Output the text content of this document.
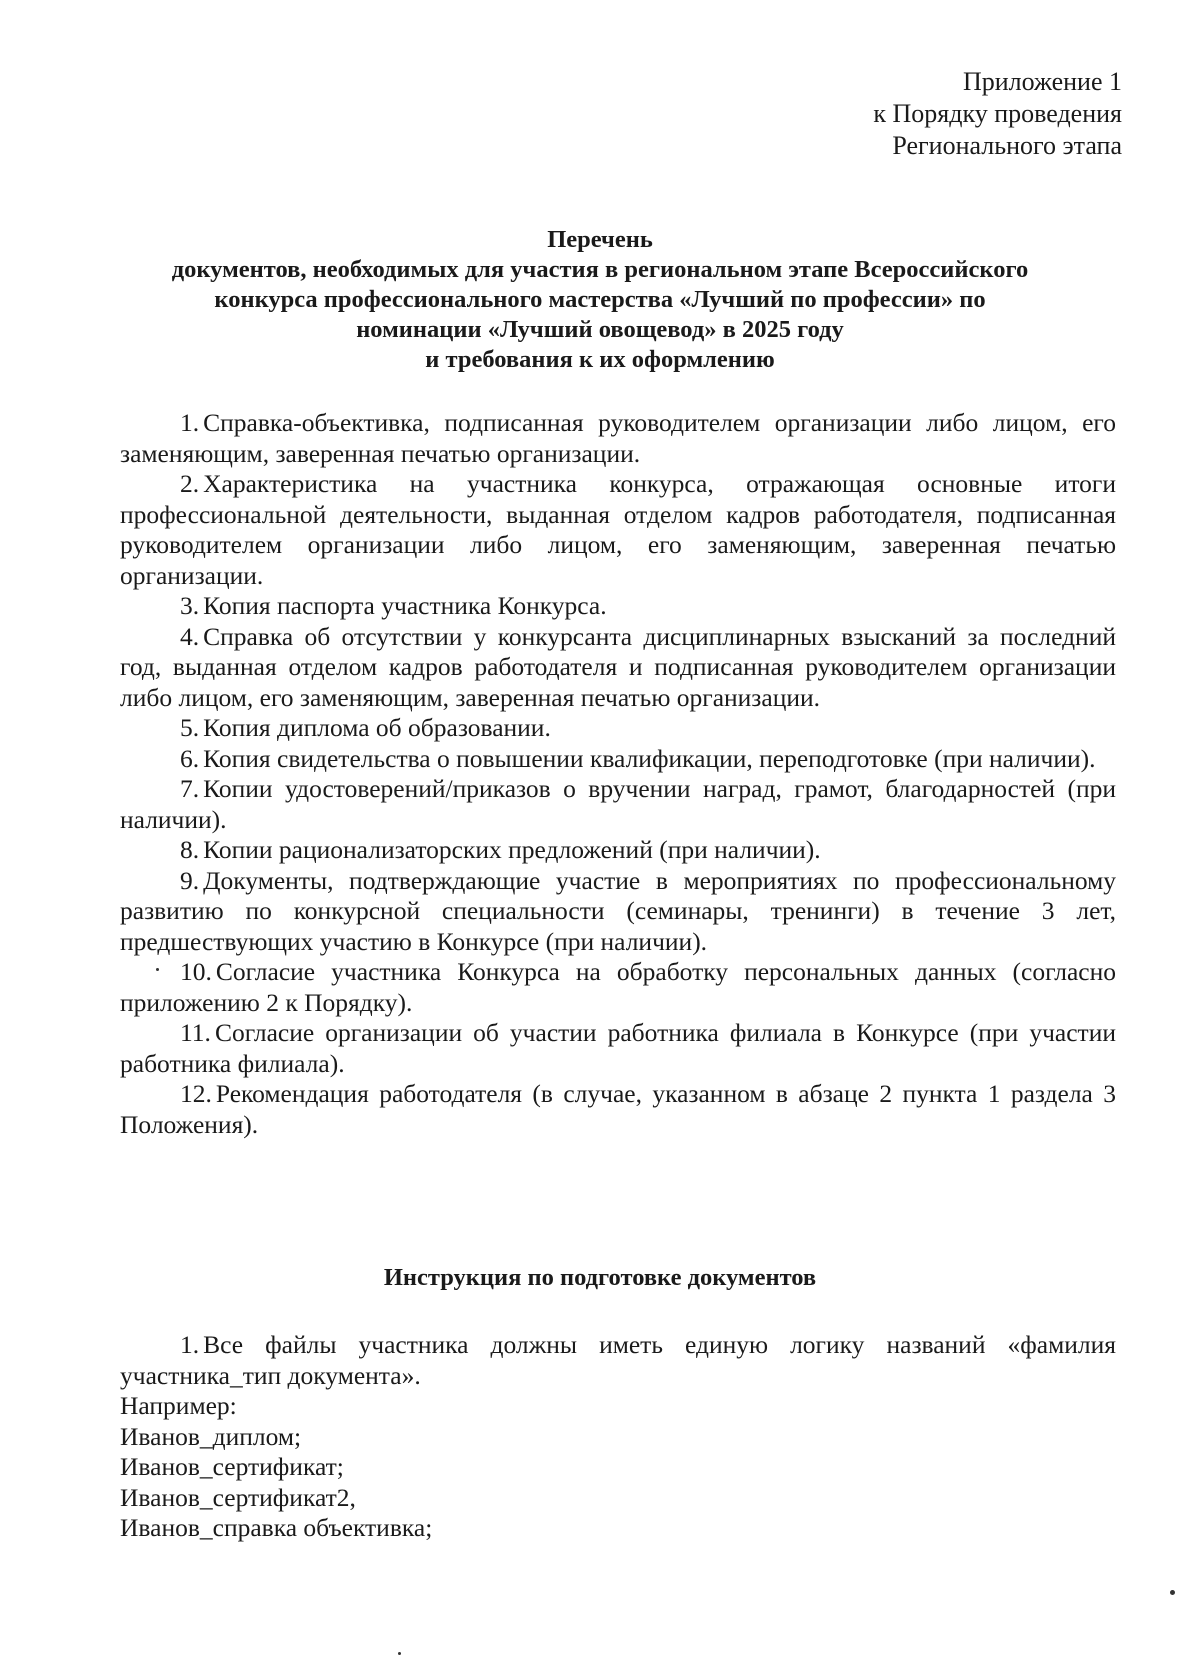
Приложение 1
к Порядку проведения
Регионального этапа
Перечень
документов, необходимых для участия в региональном этапе Всероссийского
конкурса профессионального мастерства «Лучший по профессии» по
номинации «Лучший овощевод» в 2025 году
и требования к их оформлению

1. Справка-объективка, подписанная руководителем организации либо лицом, его заменяющим, заверенная печатью организации.

2. Характеристика на участника конкурса, отражающая основные итоги профессиональной деятельности, выданная отделом кадров работодателя, подписанная руководителем организации либо лицом, его заменяющим, заверенная печатью организации.

3. Копия паспорта участника Конкурса.

4. Справка об отсутствии у конкурсанта дисциплинарных взысканий за последний год, выданная отделом кадров работодателя и подписанная руководителем организации либо лицом, его заменяющим, заверенная печатью организации.

5. Копия диплома об образовании.

6. Копия свидетельства о повышении квалификации, переподготовке (при наличии).

7. Копии удостоверений/приказов о вручении наград, грамот, благодарностей (при наличии).

8. Копии рационализаторских предложений (при наличии).

9. Документы, подтверждающие участие в мероприятиях по профессиональному развитию по конкурсной специальности (семинары, тренинги) в течение 3 лет, предшествующих участию в Конкурсе (при наличии).

10. Согласие участника Конкурса на обработку персональных данных (согласно приложению 2 к Порядку).

11. Согласие организации об участии работника филиала в Конкурсе (при участии работника филиала).

12. Рекомендация работодателя (в случае, указанном в абзаце 2 пункта 1 раздела 3 Положения).

Инструкция по подготовке документов

1. Все файлы участника должны иметь единую логику названий «фамилия участника_тип документа».

Например:

Иванов_диплом;

Иванов_сертификат;

Иванов_сертификат2,

Иванов_справка объективка;
